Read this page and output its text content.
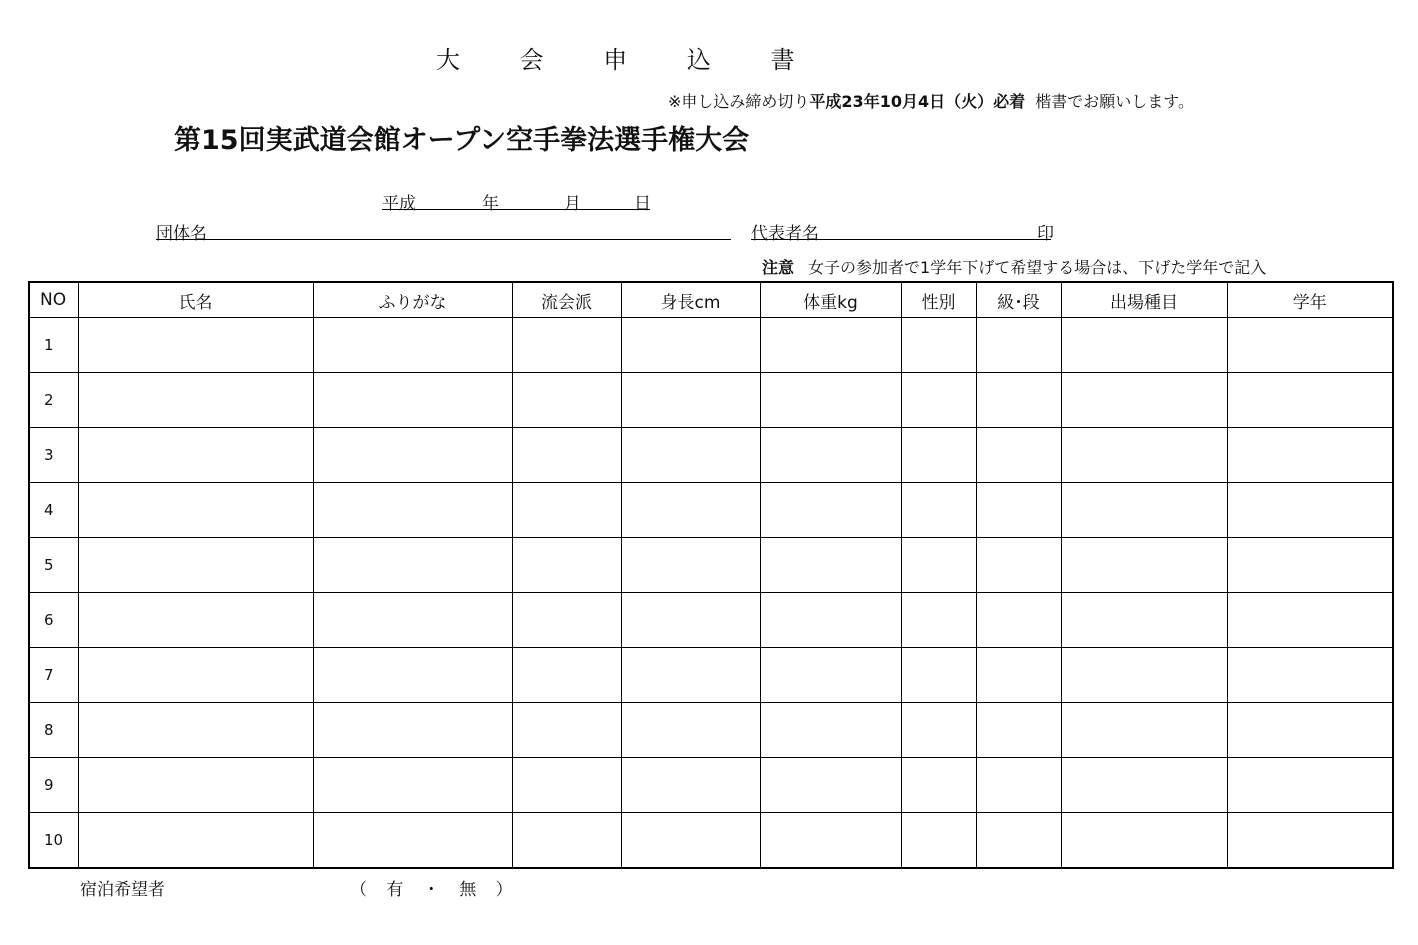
大 会 申 込 書
※申し込み締め切り平成23年10月4日（火）必着 楷書でお願いします。
第15回実武道会館オープン空手拳法選手権大会
平成	年	月	日

団体名	代表者名	印
注意 女子の参加者で1学年下げて希望する場合は、下げた学年で記入
NO	氏名	ふりがな	流会派	身長cm	体重kg	性別	級･段	出場種目	学年
1									
2									
3									
4									
5									
6									
7									
8									
9									
10									
宿泊希望者	（ 有 ・ 無 ）
